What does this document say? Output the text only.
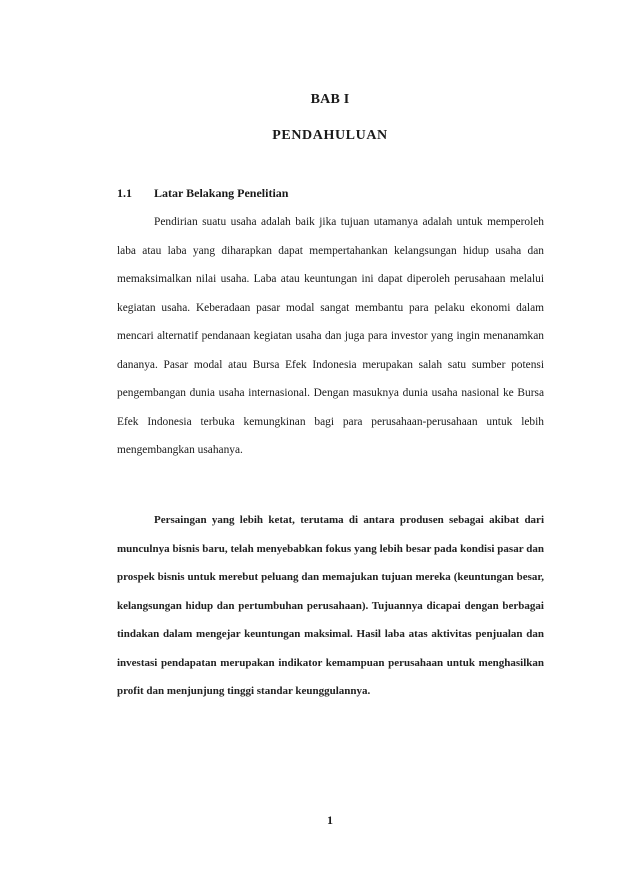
BAB I
PENDAHULUAN
1.1	Latar Belakang Penelitian
Pendirian suatu usaha adalah baik jika tujuan utamanya adalah untuk memperoleh laba atau laba yang diharapkan dapat mempertahankan kelangsungan hidup usaha dan memaksimalkan nilai usaha. Laba atau keuntungan ini dapat diperoleh perusahaan melalui kegiatan usaha. Keberadaan pasar modal sangat membantu para pelaku ekonomi dalam mencari alternatif pendanaan kegiatan usaha dan juga para investor yang ingin menanamkan dananya. Pasar modal atau Bursa Efek Indonesia merupakan salah satu sumber potensi pengembangan dunia usaha internasional. Dengan masuknya dunia usaha nasional ke Bursa Efek Indonesia terbuka kemungkinan bagi para perusahaan-perusahaan untuk lebih mengembangkan usahanya.
Persaingan yang lebih ketat, terutama di antara produsen sebagai akibat dari munculnya bisnis baru, telah menyebabkan fokus yang lebih besar pada kondisi pasar dan prospek bisnis untuk merebut peluang dan memajukan tujuan mereka (keuntungan besar, kelangsungan hidup dan pertumbuhan perusahaan). Tujuannya dicapai dengan berbagai tindakan dalam mengejar keuntungan maksimal. Hasil laba atas aktivitas penjualan dan investasi pendapatan merupakan indikator kemampuan perusahaan untuk menghasilkan profit dan menjunjung tinggi standar keunggulannya.
1
